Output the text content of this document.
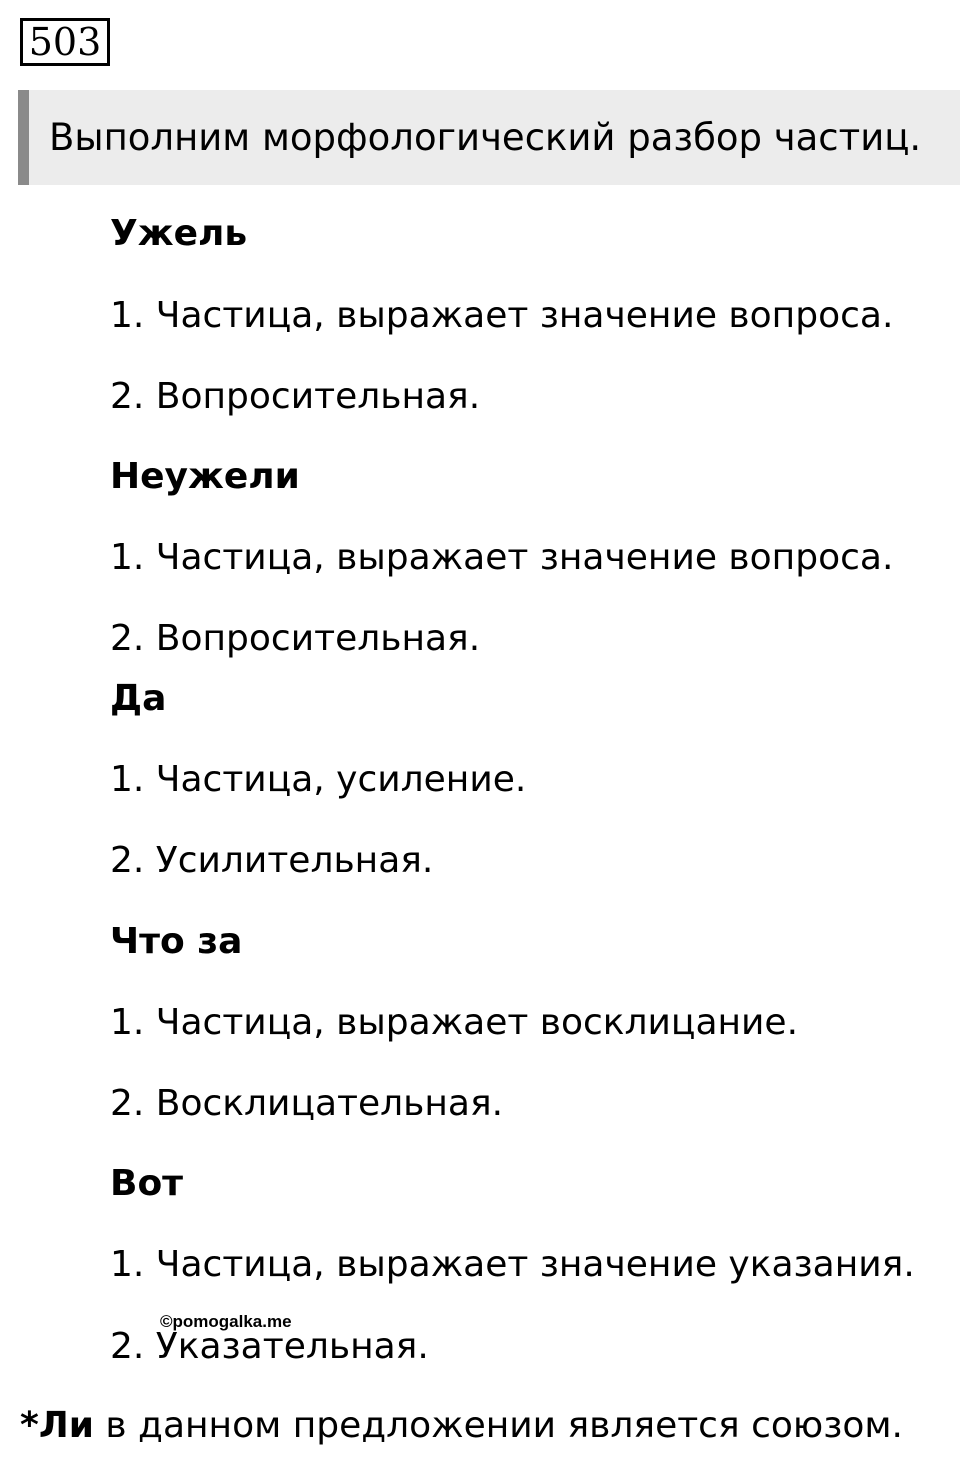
503
Выполним морфологический разбор частиц.
Ужель
1. Частица, выражает значение вопроса.
2. Вопросительная.
Неужели
1. Частица, выражает значение вопроса.
2. Вопросительная.
Да
1. Частица, усиление.
2. Усилительная.
Что за
1. Частица, выражает восклицание.
2. Восклицательная.
Вот
1. Частица, выражает значение указания.
2. Указательная.
©pomogalka.me
*Ли в данном предложении является союзом.
